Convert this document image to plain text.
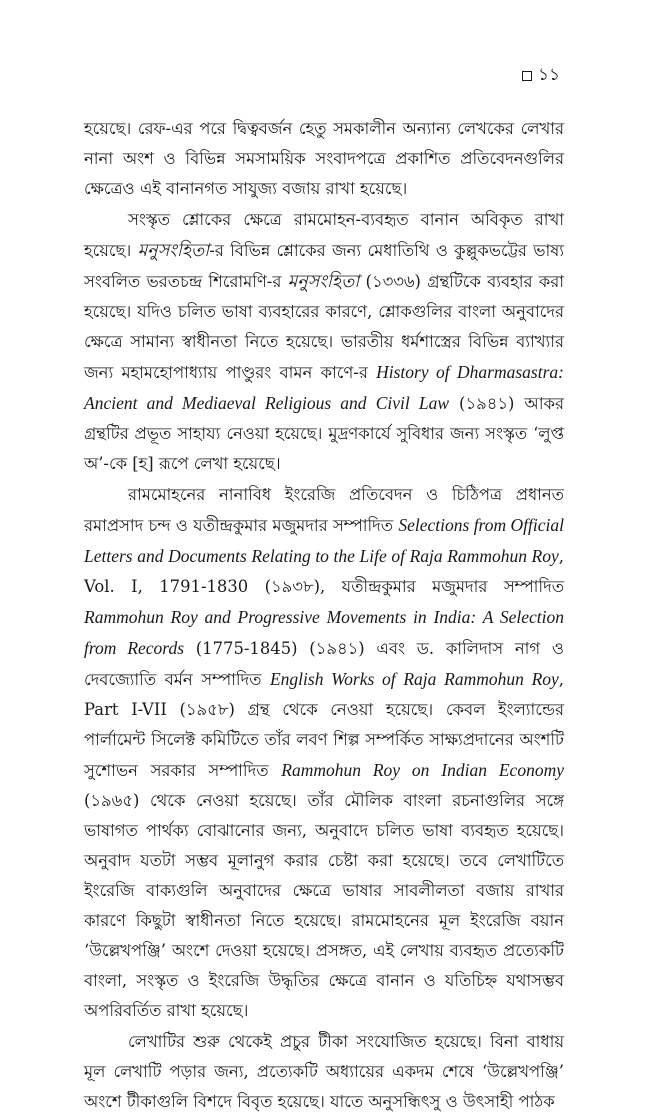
১১

হয়েছে। রেফ-এর পরে দ্বিত্ববর্জন হেতু সমকালীন অন্যান্য লেখকের লেখার নানা অংশ ও বিভিন্ন সমসাময়িক সংবাদপত্রে প্রকাশিত প্রতিবেদনগুলির ক্ষেত্রেও এই বানানগত সাযুজ্য বজায় রাখা হয়েছে।

সংস্কৃত শ্লোকের ক্ষেত্রে রামমোহন-ব্যবহৃত বানান অবিকৃত রাখা হয়েছে। মনুসংহিতা-র বিভিন্ন শ্লোকের জন্য মেধাতিথি ও কুল্লুকভট্টের ভাষ্য সংবলিত ভরতচন্দ্র শিরোমণি-র মনুসংহিতা (১৩৩৬) গ্রন্থটিকে ব্যবহার করা হয়েছে। যদিও চলিত ভাষা ব্যবহারের কারণে, শ্লোকগুলির বাংলা অনুবাদের ক্ষেত্রে সামান্য স্বাধীনতা নিতে হয়েছে। ভারতীয় ধর্মশাস্ত্রের বিভিন্ন ব্যাখ্যার জন্য মহামহোপাধ্যায় পাণ্ডুরং বামন কাণে-র History of Dharmasastra: Ancient and Mediaeval Religious and Civil Law (১৯৪১) আকর গ্রন্থটির প্রভূত সাহায্য নেওয়া হয়েছে। মুদ্রণকার্যে সুবিধার জন্য সংস্কৃত ‘লুপ্ত অ’-কে [হ] রূপে লেখা হয়েছে।

রামমোহনের নানাবিধ ইংরেজি প্রতিবেদন ও চিঠিপত্র প্রধানত রমাপ্রসাদ চন্দ ও যতীন্দ্রকুমার মজুমদার সম্পাদিত Selections from Official Letters and Documents Relating to the Life of Raja Rammohun Roy, Vol. I, 1791-1830 (১৯৩৮), যতীন্দ্রকুমার মজুমদার সম্পাদিত Rammohun Roy and Progressive Movements in India: A Selection from Records (1775-1845) (১৯৪১) এবং ড. কালিদাস নাগ ও দেবজ্যোতি বর্মন সম্পাদিত English Works of Raja Rammohun Roy, Part I-VII (১৯৫৮) গ্রন্থ থেকে নেওয়া হয়েছে। কেবল ইংল্যান্ডের পার্লামেন্ট সিলেক্ট কমিটিতে তাঁর লবণ শিল্প সম্পর্কিত সাক্ষ্যপ্রদানের অংশটি সুশোভন সরকার সম্পাদিত Rammohun Roy on Indian Economy (১৯৬৫) থেকে নেওয়া হয়েছে। তাঁর মৌলিক বাংলা রচনাগুলির সঙ্গে ভাষাগত পার্থক্য বোঝানোর জন্য, অনুবাদে চলিত ভাষা ব্যবহৃত হয়েছে। অনুবাদ যতটা সম্ভব মূলানুগ করার চেষ্টা করা হয়েছে। তবে লেখাটিতে ইংরেজি বাক্যগুলি অনুবাদের ক্ষেত্রে ভাষার সাবলীলতা বজায় রাখার কারণে কিছুটা স্বাধীনতা নিতে হয়েছে। রামমোহনের মূল ইংরেজি বয়ান ‘উল্লেখপঞ্জি’ অংশে দেওয়া হয়েছে। প্রসঙ্গত, এই লেখায় ব্যবহৃত প্রত্যেকটি বাংলা, সংস্কৃত ও ইংরেজি উদ্ধৃতির ক্ষেত্রে বানান ও যতিচিহ্ন যথাসম্ভব অপরিবর্তিত রাখা হয়েছে।

লেখাটির শুরু থেকেই প্রচুর টীকা সংযোজিত হয়েছে। বিনা বাধায় মূল লেখাটি পড়ার জন্য, প্রত্যেকটি অধ্যায়ের একদম শেষে ‘উল্লেখপঞ্জি’ অংশে টীকাগুলি বিশদে বিবৃত হয়েছে। যাতে অনুসন্ধিৎসু ও উৎসাহী পাঠক
